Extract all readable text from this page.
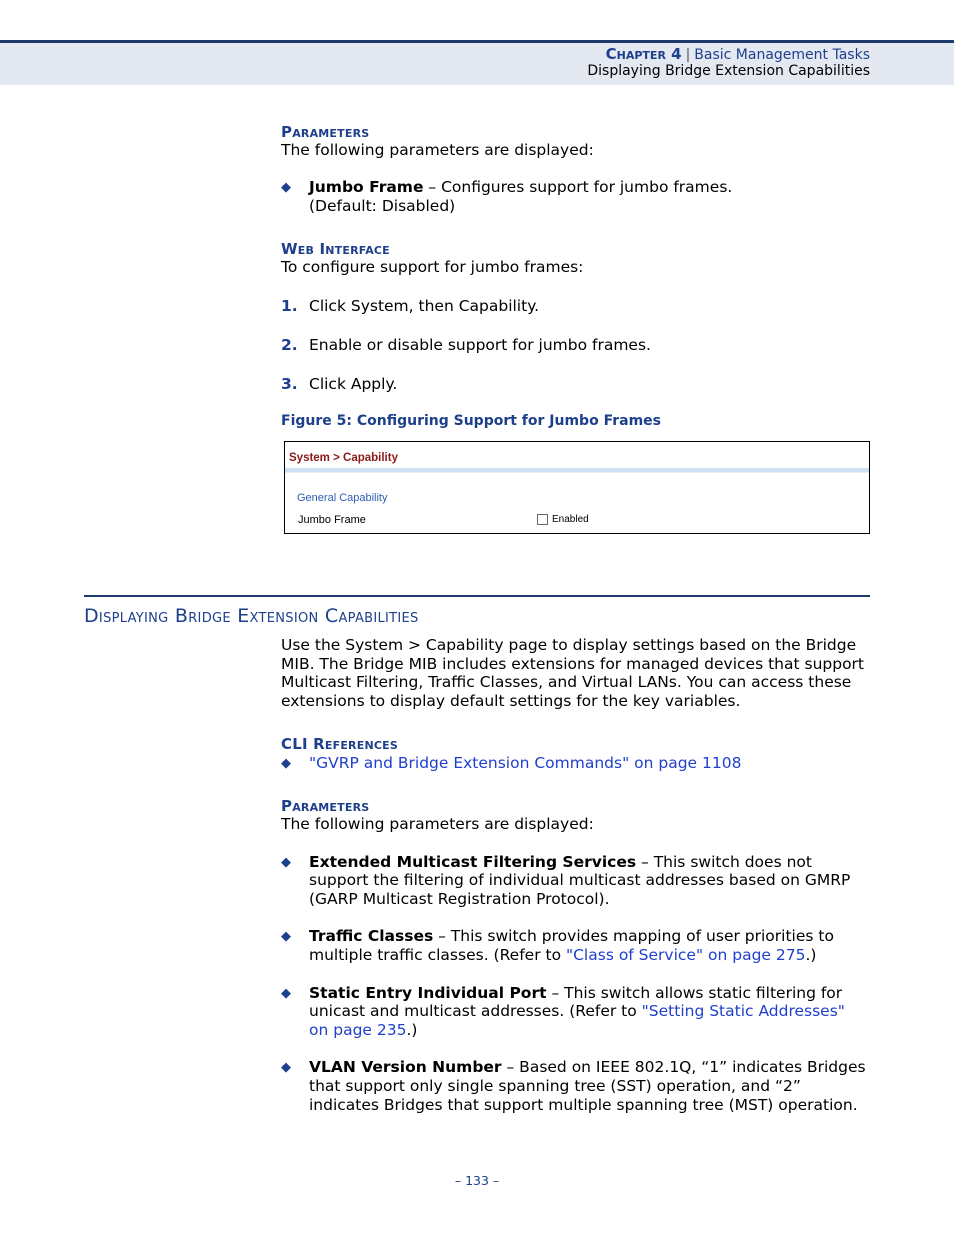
Chapter 4 | Basic Management Tasks
Displaying Bridge Extension Capabilities
Parameters
The following parameters are displayed:
◆ Jumbo Frame – Configures support for jumbo frames.
(Default: Disabled)
Web Interface
To configure support for jumbo frames:
1. Click System, then Capability.
2. Enable or disable support for jumbo frames.
3. Click Apply.
Figure 5: Configuring Support for Jumbo Frames
System > Capability
General Capability
Jumbo Frame	Enabled
Displaying Bridge Extension Capabilities
Use the System > Capability page to display settings based on the Bridge
MIB. The Bridge MIB includes extensions for managed devices that support
Multicast Filtering, Traffic Classes, and Virtual LANs. You can access these
extensions to display default settings for the key variables.
CLI References
◆ "GVRP and Bridge Extension Commands" on page 1108
Parameters
The following parameters are displayed:
◆ Extended Multicast Filtering Services – This switch does not
support the filtering of individual multicast addresses based on GMRP
(GARP Multicast Registration Protocol).
◆ Traffic Classes – This switch provides mapping of user priorities to
multiple traffic classes. (Refer to "Class of Service" on page 275.)
◆ Static Entry Individual Port – This switch allows static filtering for
unicast and multicast addresses. (Refer to "Setting Static Addresses"
on page 235.)
◆ VLAN Version Number – Based on IEEE 802.1Q, “1” indicates Bridges
that support only single spanning tree (SST) operation, and “2”
indicates Bridges that support multiple spanning tree (MST) operation.
– 133 –
